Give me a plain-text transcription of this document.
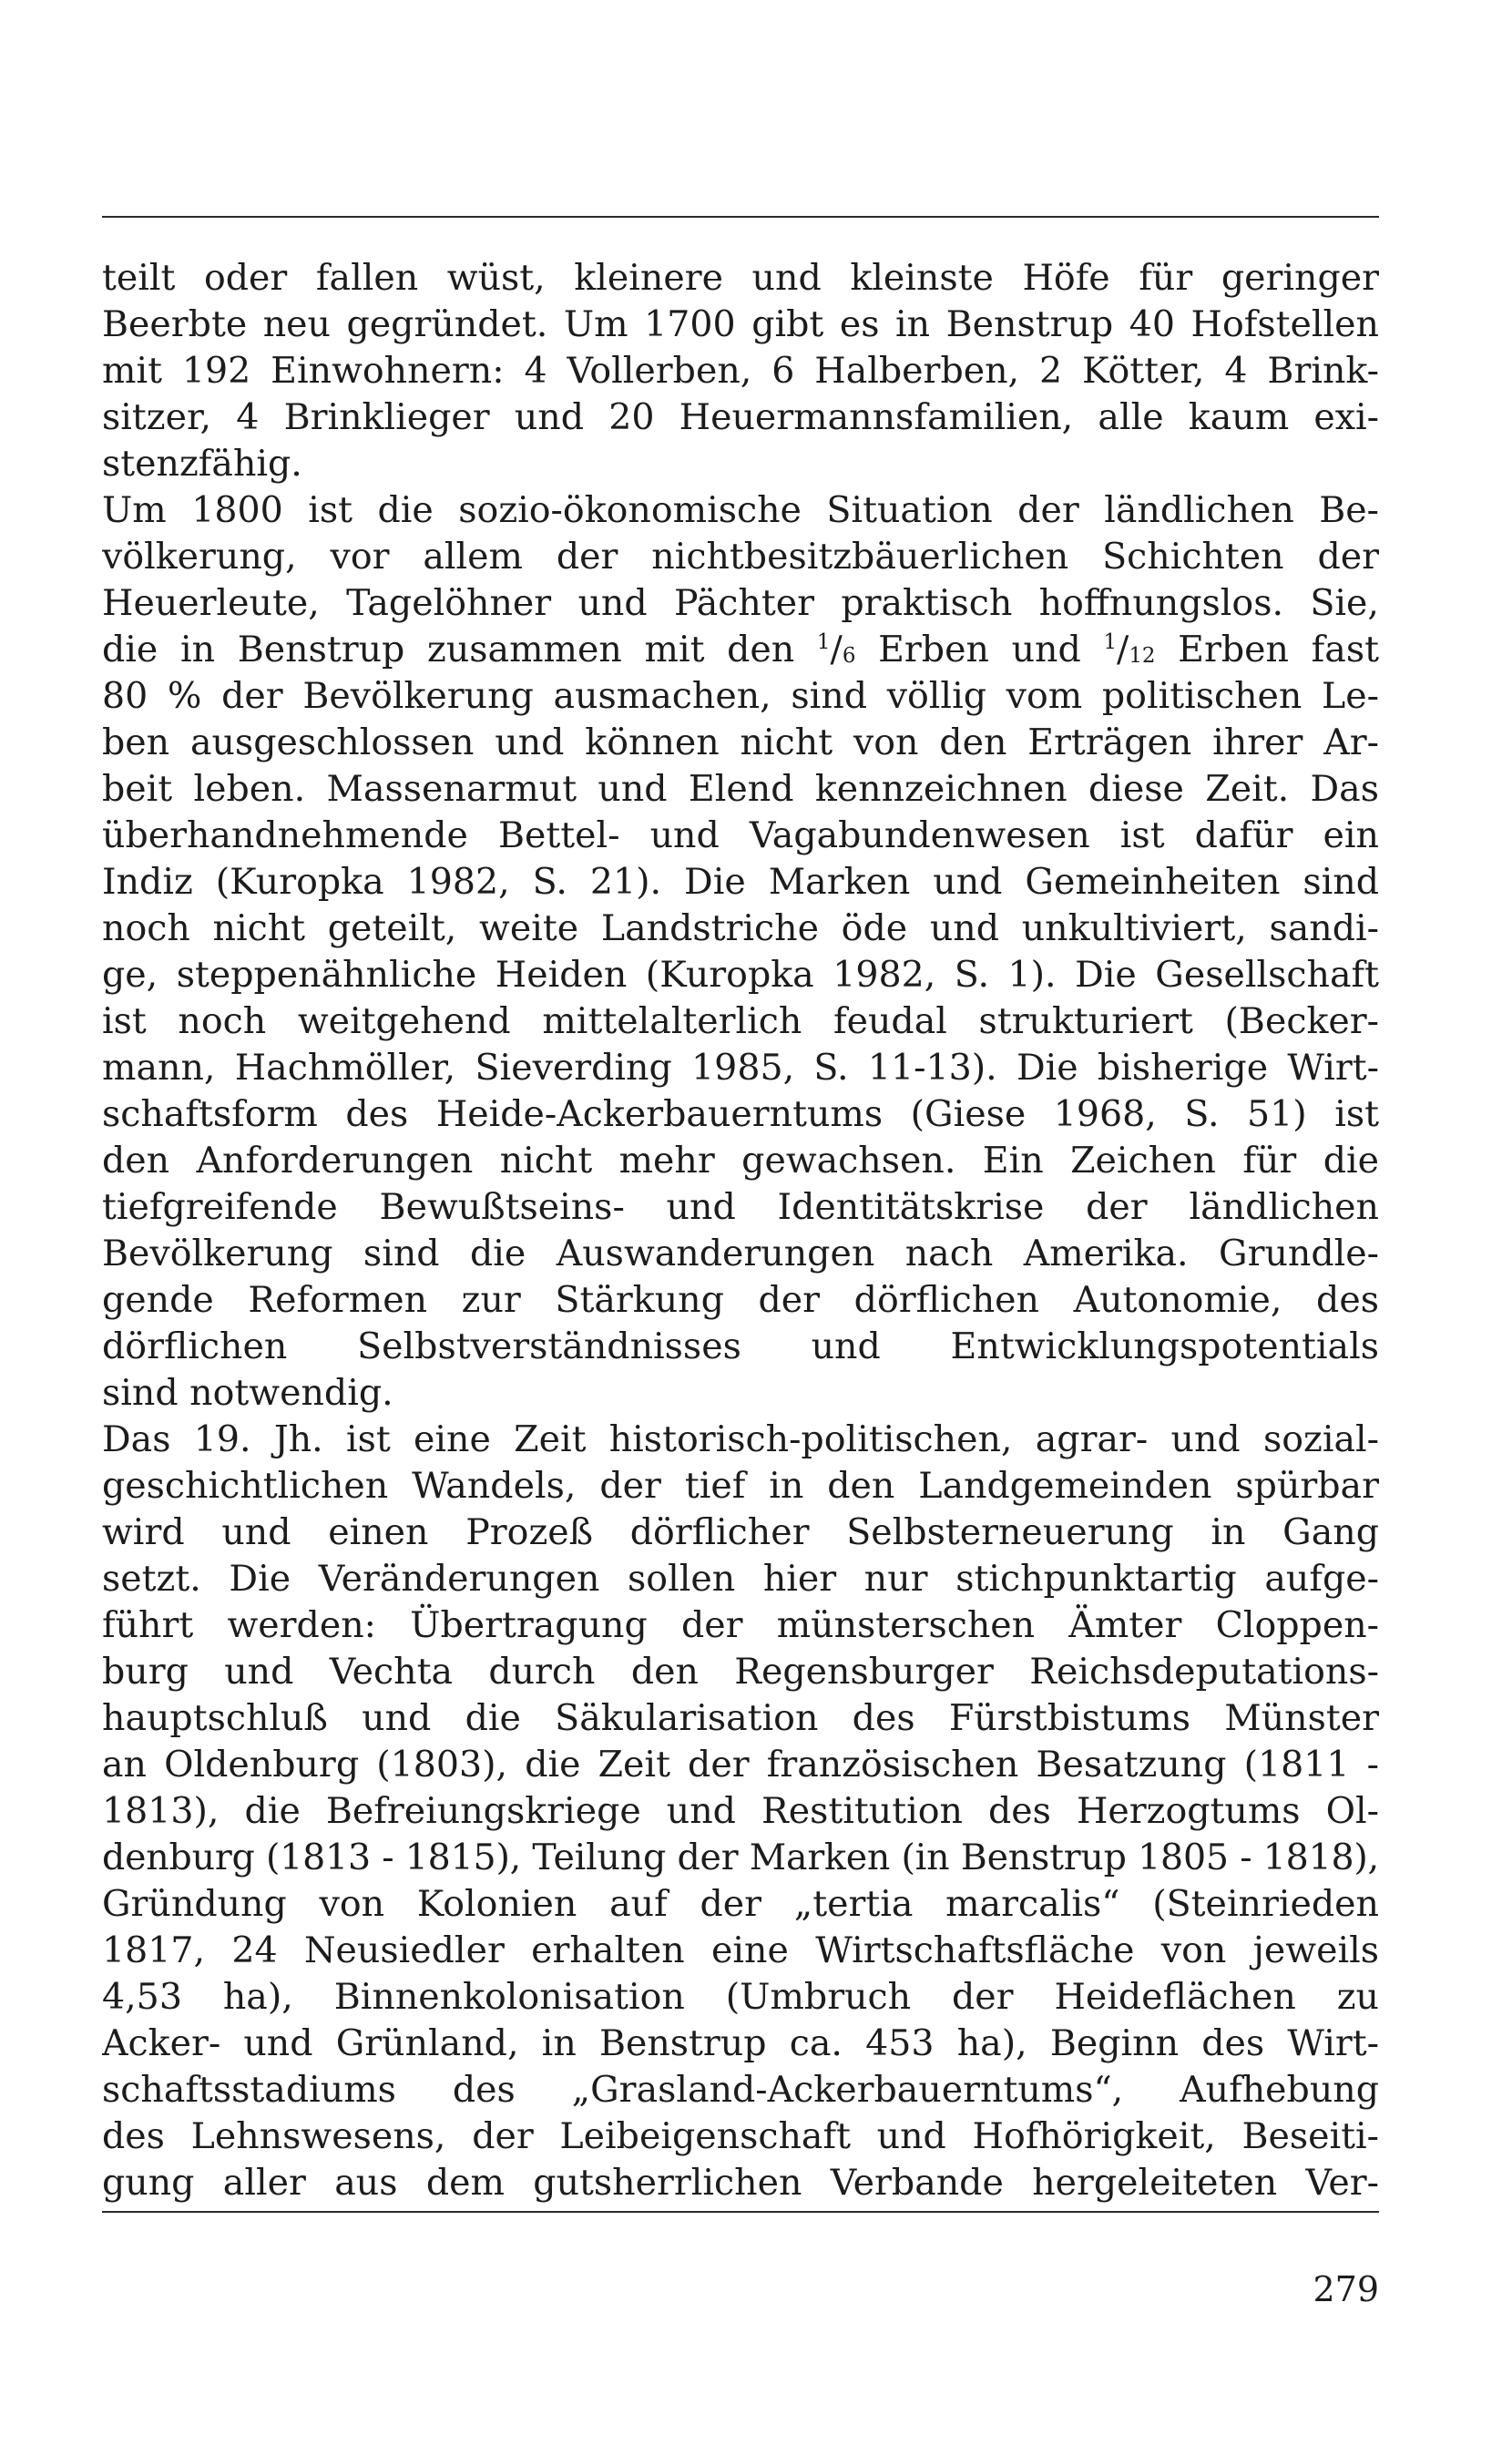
teilt oder fallen wüst, kleinere und kleinste Höfe für geringer
Beerbte neu gegründet. Um 1700 gibt es in Benstrup 40 Hofstellen
mit 192 Einwohnern: 4 Vollerben, 6 Halberben, 2 Kötter, 4 Brink-
sitzer, 4 Brinklieger und 20 Heuermannsfamilien, alle kaum exi-
stenzfähig.
Um 1800 ist die sozio-ökonomische Situation der ländlichen Be-
völkerung, vor allem der nichtbesitzbäuerlichen Schichten der
Heuerleute, Tagelöhner und Pächter praktisch hoffnungslos. Sie,
die in Benstrup zusammen mit den $^1/_6$ Erben und $^1/_{12}$ Erben fast
80 % der Bevölkerung ausmachen, sind völlig vom politischen Le-
ben ausgeschlossen und können nicht von den Erträgen ihrer Ar-
beit leben. Massenarmut und Elend kennzeichnen diese Zeit. Das
überhandnehmende Bettel- und Vagabundenwesen ist dafür ein
Indiz (Kuropka 1982, S. 21). Die Marken und Gemeinheiten sind
noch nicht geteilt, weite Landstriche öde und unkultiviert, sandi-
ge, steppenähnliche Heiden (Kuropka 1982, S. 1). Die Gesellschaft
ist noch weitgehend mittelalterlich feudal strukturiert (Becker-
mann, Hachmöller, Sieverding 1985, S. 11-13). Die bisherige Wirt-
schaftsform des Heide-Ackerbauerntums (Giese 1968, S. 51) ist
den Anforderungen nicht mehr gewachsen. Ein Zeichen für die
tiefgreifende Bewußtseins- und Identitätskrise der ländlichen
Bevölkerung sind die Auswanderungen nach Amerika. Grundle-
gende Reformen zur Stärkung der dörflichen Autonomie, des
dörflichen Selbstverständnisses und Entwicklungspotentials
sind notwendig.
Das 19. Jh. ist eine Zeit historisch-politischen, agrar- und sozial-
geschichtlichen Wandels, der tief in den Landgemeinden spürbar
wird und einen Prozeß dörflicher Selbsterneuerung in Gang
setzt. Die Veränderungen sollen hier nur stichpunktartig aufge-
führt werden: Übertragung der münsterschen Ämter Cloppen-
burg und Vechta durch den Regensburger Reichsdeputations-
hauptschluß und die Säkularisation des Fürstbistums Münster
an Oldenburg (1803), die Zeit der französischen Besatzung (1811 -
1813), die Befreiungskriege und Restitution des Herzogtums Ol-
denburg (1813 - 1815), Teilung der Marken (in Benstrup 1805 - 1818),
Gründung von Kolonien auf der „tertia marcalis“ (Steinrieden
1817, 24 Neusiedler erhalten eine Wirtschaftsfläche von jeweils
4,53 ha), Binnenkolonisation (Umbruch der Heideflächen zu
Acker- und Grünland, in Benstrup ca. 453 ha), Beginn des Wirt-
schaftsstadiums des „Grasland-Ackerbauerntums“, Aufhebung
des Lehnswesens, der Leibeigenschaft und Hofhörigkeit, Beseiti-
gung aller aus dem gutsherrlichen Verbande hergeleiteten Ver-
279
